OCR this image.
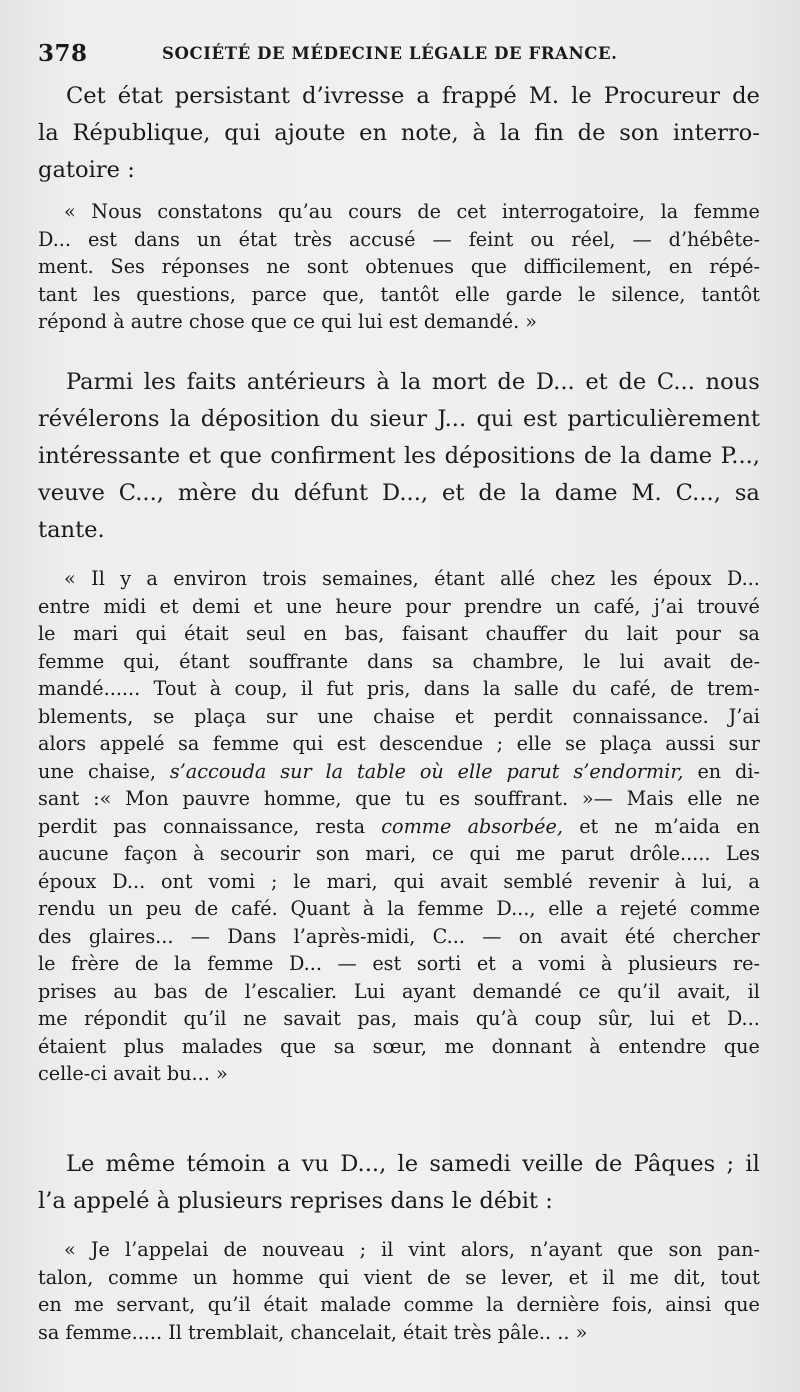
378	SOCIÉTÉ DE MÉDECINE LÉGALE DE FRANCE.
Cet état persistant d’ivresse a frappé M. le Procureur de
la République, qui ajoute en note, à la fin de son interro-
gatoire
:
« Nous constatons qu’au cours de cet interrogatoire, la femme
D... est dans un état très accusé — feint ou réel, — d’hébête-
ment. Ses réponses ne sont obtenues que difficilement, en répé-
tant les questions, parce que, tantôt elle garde le silence, tantôt
répond
à
autre
chose
que
ce
qui
lui
est
demandé.
»
Parmi les faits antérieurs à la mort de D... et de C... nous
révélerons la déposition du sieur J... qui est particulièrement
intéressante et que confirment les dépositions de la dame P...,
veuve C..., mère du défunt D..., et de la dame M. C..., sa
tante.
« Il y a environ trois semaines, étant allé chez les époux D...
entre midi et demi et une heure pour prendre un café, j’ai trouvé
le mari qui était seul en bas, faisant chauffer du lait pour sa
femme qui, étant souffrante dans sa chambre, le lui avait de-
mandé...... Tout à coup, il fut pris, dans la salle du café, de trem-
blements, se plaça sur une chaise et perdit connaissance. J’ai
alors appelé sa femme qui est descendue ; elle se plaça aussi sur
une chaise, s’accouda sur la table où elle parut s’endormir, en di-
sant :« Mon pauvre homme, que tu es souffrant. »— Mais elle ne
perdit pas connaissance, resta comme absorbée, et ne m’aida en
aucune façon à secourir son mari, ce qui me parut drôle..... Les
époux D... ont vomi ; le mari, qui avait semblé revenir à lui, a
rendu un peu de café. Quant à la femme D..., elle a rejeté comme
des glaires... — Dans l’après-midi, C... — on avait été chercher
le frère de la femme D... — est sorti et a vomi à plusieurs re-
prises au bas de l’escalier. Lui ayant demandé ce qu’il avait, il
me répondit qu’il ne savait pas, mais qu’à coup sûr, lui et D...
étaient plus malades que sa sœur, me donnant à entendre que
celle-ci
avait
bu...
»
Le même témoin a vu D..., le samedi veille de Pâques ; il
l’a
appelé
à
plusieurs
reprises
dans
le
débit
:
« Je l’appelai de nouveau ; il vint alors, n’ayant que son pan-
talon, comme un homme qui vient de se lever, et il me dit, tout
en me servant, qu’il était malade comme la dernière fois, ainsi que
sa
femme.....
Il
tremblait,
chancelait,
était
très
pâle..
..
»
